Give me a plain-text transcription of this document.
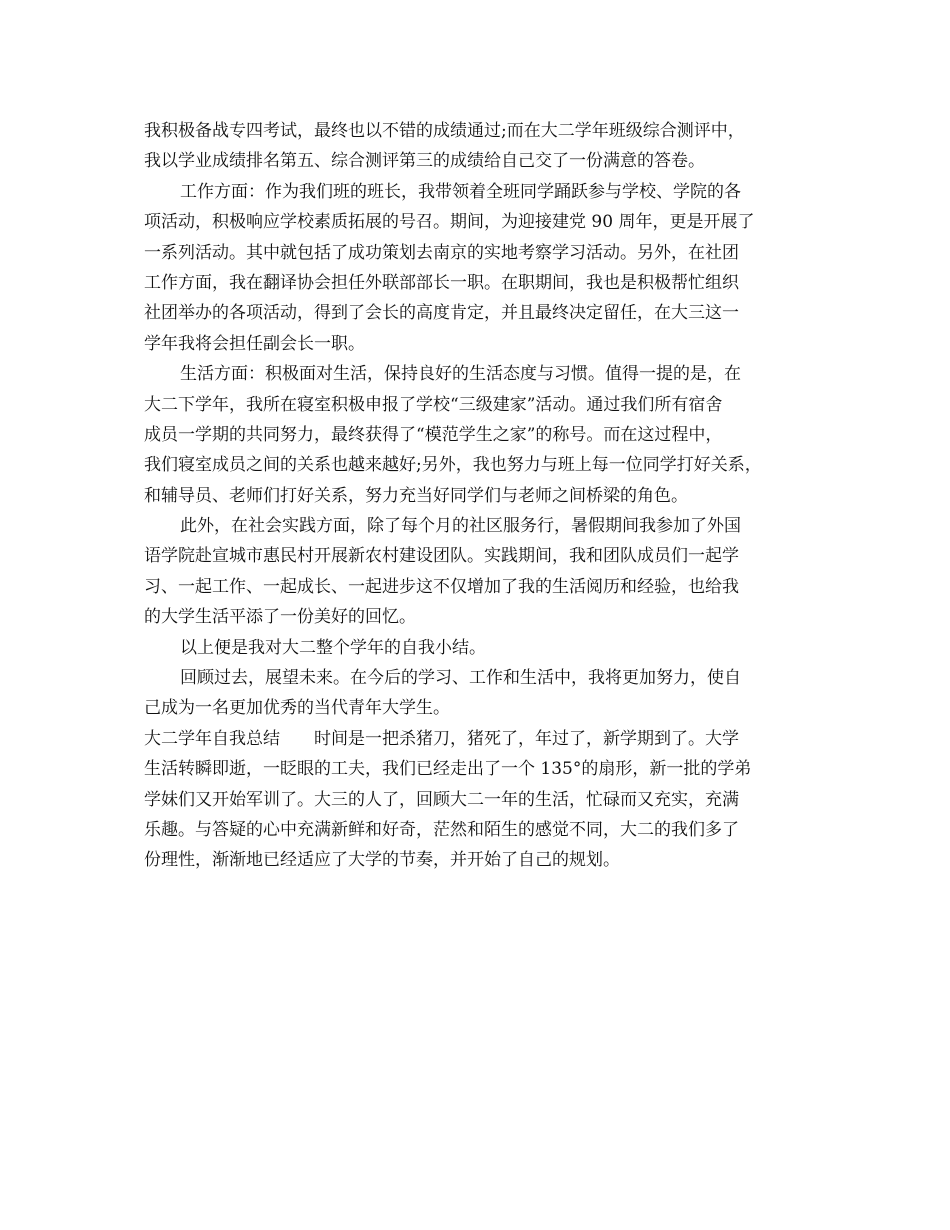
我积极备战专四考试，最终也以不错的成绩通过;而在大二学年班级综合测评中，
我以学业成绩排名第五、综合测评第三的成绩给自己交了一份满意的答卷。
工作方面：作为我们班的班长，我带领着全班同学踊跃参与学校、学院的各
项活动，积极响应学校素质拓展的号召。期间，为迎接建党 90 周年，更是开展了
一系列活动。其中就包括了成功策划去南京的实地考察学习活动。另外，在社团
工作方面，我在翻译协会担任外联部部长一职。在职期间，我也是积极帮忙组织
社团举办的各项活动，得到了会长的高度肯定，并且最终决定留任，在大三这一
学年我将会担任副会长一职。
生活方面：积极面对生活，保持良好的生活态度与习惯。值得一提的是，在
大二下学年，我所在寝室积极申报了学校“三级建家”活动。通过我们所有宿舍
成员一学期的共同努力，最终获得了“模范学生之家”的称号。而在这过程中，
我们寝室成员之间的关系也越来越好;另外，我也努力与班上每一位同学打好关系，
和辅导员、老师们打好关系，努力充当好同学们与老师之间桥梁的角色。
此外，在社会实践方面，除了每个月的社区服务行，暑假期间我参加了外国
语学院赴宣城市惠民村开展新农村建设团队。实践期间，我和团队成员们一起学
习、一起工作、一起成长、一起进步这不仅增加了我的生活阅历和经验，也给我
的大学生活平添了一份美好的回忆。
以上便是我对大二整个学年的自我小结。
回顾过去，展望未来。在今后的学习、工作和生活中，我将更加努力，使自
己成为一名更加优秀的当代青年大学生。
大二学年自我总结　　时间是一把杀猪刀，猪死了，年过了，新学期到了。大学
生活转瞬即逝，一眨眼的工夫，我们已经走出了一个 135°的扇形，新一批的学弟
学妹们又开始军训了。大三的人了，回顾大二一年的生活，忙碌而又充实，充满
乐趣。与答疑的心中充满新鲜和好奇，茫然和陌生的感觉不同，大二的我们多了
份理性，渐渐地已经适应了大学的节奏，并开始了自己的规划。
